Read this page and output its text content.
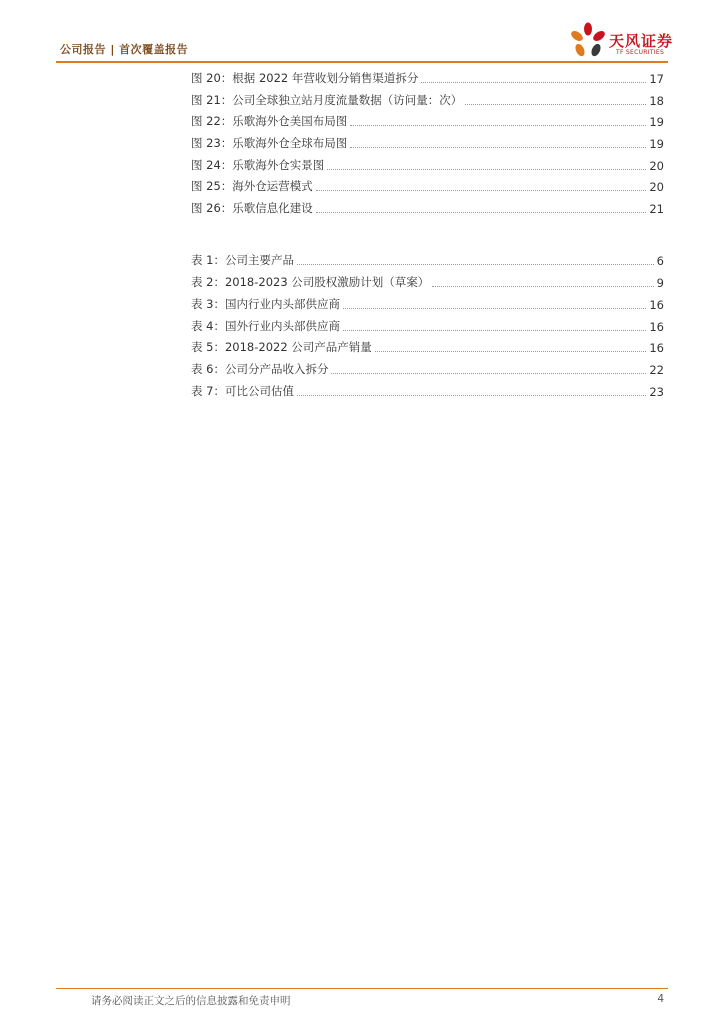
公司报告 | 首次覆盖报告	天风证券
TF SECURITIES
图 20：根据 2022 年营收划分销售渠道拆分	17
图 21：公司全球独立站月度流量数据（访问量：次）	18
图 22：乐歌海外仓美国布局图	19
图 23：乐歌海外仓全球布局图	19
图 24：乐歌海外仓实景图	20
图 25：海外仓运营模式	20
图 26：乐歌信息化建设	21
表 1：公司主要产品	6
表 2：2018-2023 公司股权激励计划（草案）	9
表 3：国内行业内头部供应商	16
表 4：国外行业内头部供应商	16
表 5：2018-2022 公司产品产销量	16
表 6：公司分产品收入拆分	22
表 7：可比公司估值	23
请务必阅读正文之后的信息披露和免责申明	4
